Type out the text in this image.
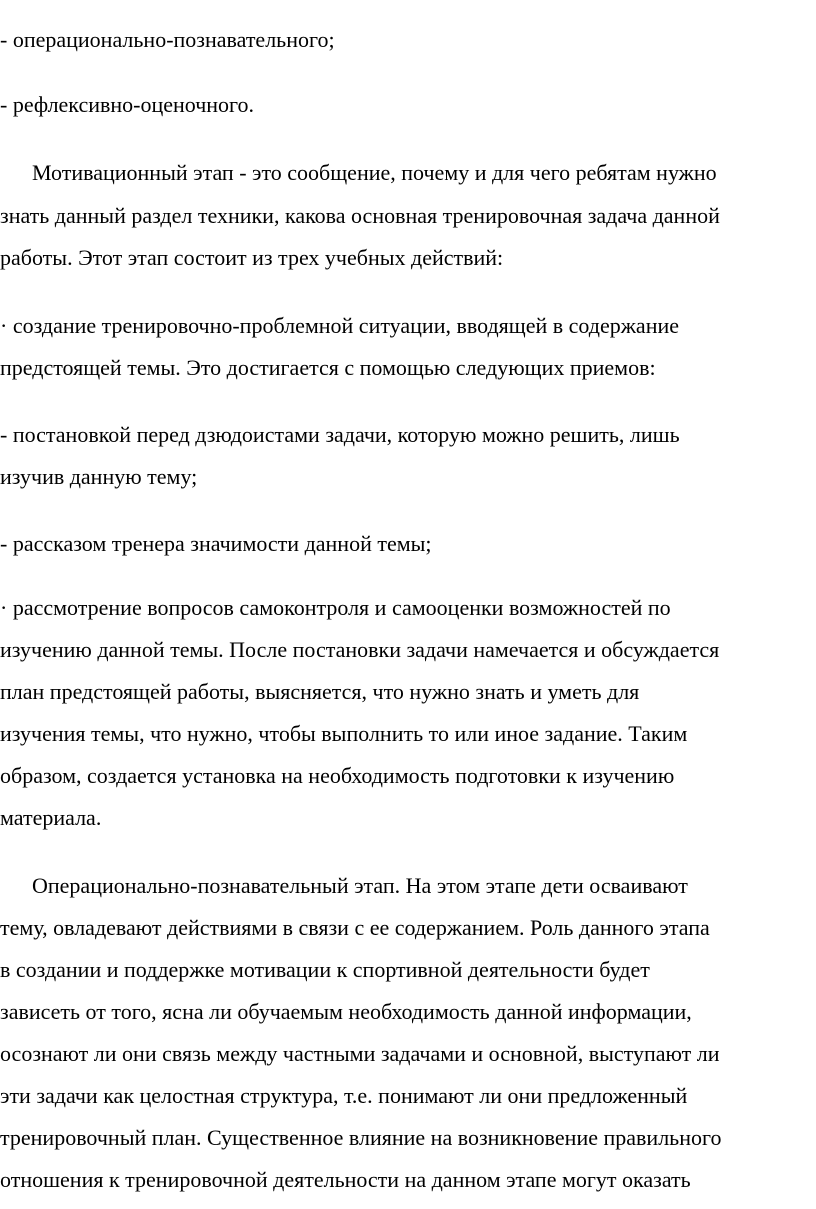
- операционально-познавательного;
- рефлексивно-оценочного.
Мотивационный этап - это сообщение, почему и для чего ребятам нужно
знать данный раздел техники, какова основная тренировочная задача данной
работы. Этот этап состоит из трех учебных действий:
· создание тренировочно-проблемной ситуации, вводящей в содержание
предстоящей темы. Это достигается с помощью следующих приемов:
- постановкой перед дзюдоистами задачи, которую можно решить, лишь
изучив данную тему;
- рассказом тренера значимости данной темы;
· рассмотрение вопросов самоконтроля и самооценки возможностей по
изучению данной темы. После постановки задачи намечается и обсуждается
план предстоящей работы, выясняется, что нужно знать и уметь для
изучения темы, что нужно, чтобы выполнить то или иное задание. Таким
образом, создается установка на необходимость подготовки к изучению
материала.
Операционально-познавательный этап. На этом этапе дети осваивают
тему, овладевают действиями в связи с ее содержанием. Роль данного этапа
в создании и поддержке мотивации к спортивной деятельности будет
зависеть от того, ясна ли обучаемым необходимость данной информации,
осознают ли они связь между частными задачами и основной, выступают ли
эти задачи как целостная структура, т.е. понимают ли они предложенный
тренировочный план. Существенное влияние на возникновение правильного
отношения к тренировочной деятельности на данном этапе могут оказать
